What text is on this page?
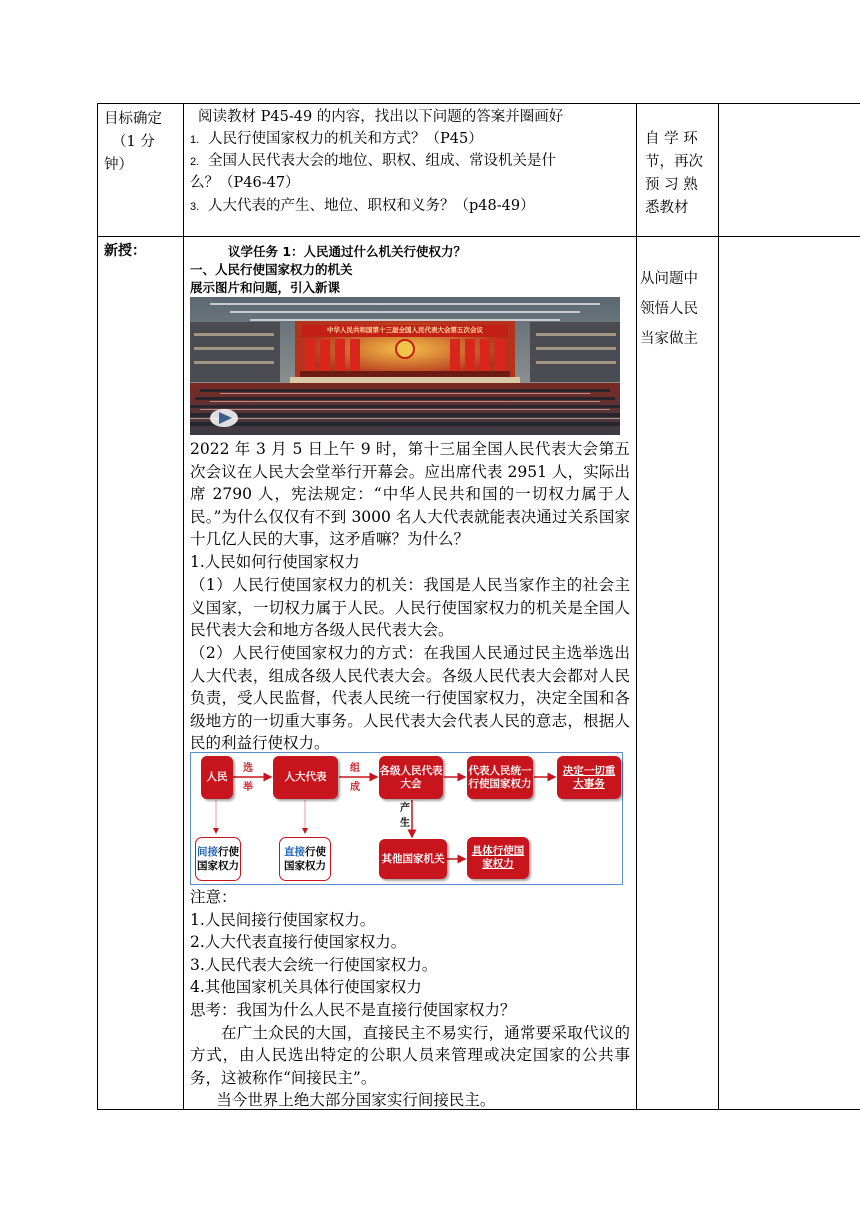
目标确定
（1 分
钟）
阅读教材 P45-49 的内容，找出以下问题的答案并圈画好
1. 人民行使国家权力的机关和方式？（P45）
2. 全国人民代表大会的地位、职权、组成、常设机关是什
么？（P46-47）
3. 人大代表的产生、地位、职权和义务？（p48-49）
自 学 环
节，再次
预 习 熟
悉教材
新授：	议学任务 1：人民通过什么机关行使权力？
一、人民行使国家权力的机关
展示图片和问题，引入新课
从问题中
领悟人民
当家做主
中华人民共和国第十三届全国人民代表大会第五次会议

2022 年 3 月 5 日上午 9 时，第十三届全国人民代表大会第五次会议在人民大会堂举行开幕会。应出席代表 2951 人，实际出席 2790 人，宪法规定：“中华人民共和国的一切权力属于人民。”为什么仅仅有不到 3000 名人大代表就能表决通过关系国家十几亿人民的大事，这矛盾嘛？为什么？

1.人民如何行使国家权力

（1）人民行使国家权力的机关：我国是人民当家作主的社会主义国家，一切权力属于人民。人民行使国家权力的机关是全国人民代表大会和地方各级人民代表大会。

（2）人民行使国家权力的方式：在我国人民通过民主选举选出人大代表，组成各级人民代表大会。各级人民代表大会都对人民负责，受人民监督，代表人民统一行使国家权力，决定全国和各级地方的一切重大事务。人民代表大会代表人民的意志，根据人民的利益行使权力。

人民
选
举
人大代表
组
成
各级人民代表
大会
代表人民统一
行使国家权力
决定一切重
大事务
产
生
其他国家机关
具体行使国
家权力
间接行使
国家权力
直接行使
国家权力

注意：

1.人民间接行使国家权力。

2.人大代表直接行使国家权力。

3.人民代表大会统一行使国家权力。

4.其他国家机关具体行使国家权力

思考：我国为什么人民不是直接行使国家权力？

在广土众民的大国，直接民主不易实行，通常要采取代议的方式，由人民选出特定的公职人员来管理或决定国家的公共事务，这被称作“间接民主”。

当今世界上绝大部分国家实行间接民主。
